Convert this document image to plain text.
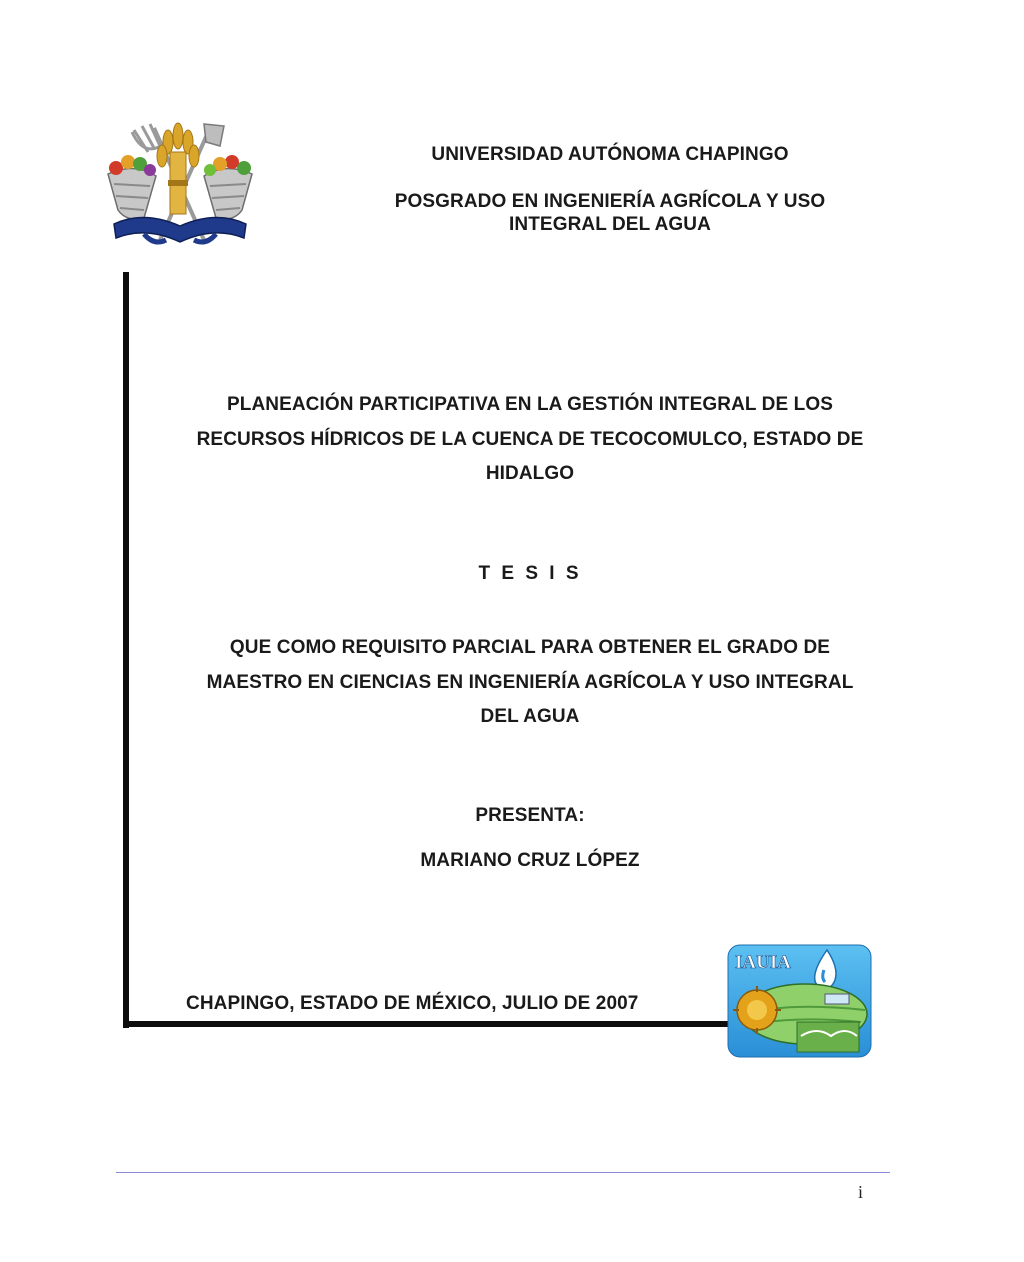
UNIVERSIDAD AUTÓNOMA CHAPINGO
POSGRADO EN INGENIERÍA AGRÍCOLA Y USO
INTEGRAL DEL AGUA
PLANEACIÓN PARTICIPATIVA EN LA GESTIÓN INTEGRAL DE LOS
RECURSOS HÍDRICOS DE LA CUENCA DE TECOCOMULCO, ESTADO DE
HIDALGO
T E S I S
QUE COMO REQUISITO PARCIAL PARA OBTENER EL GRADO DE
MAESTRO EN CIENCIAS EN INGENIERÍA AGRÍCOLA Y USO INTEGRAL
DEL AGUA
PRESENTA:
MARIANO CRUZ LÓPEZ
CHAPINGO, ESTADO DE MÉXICO, JULIO DE 2007
IAUIA
i
